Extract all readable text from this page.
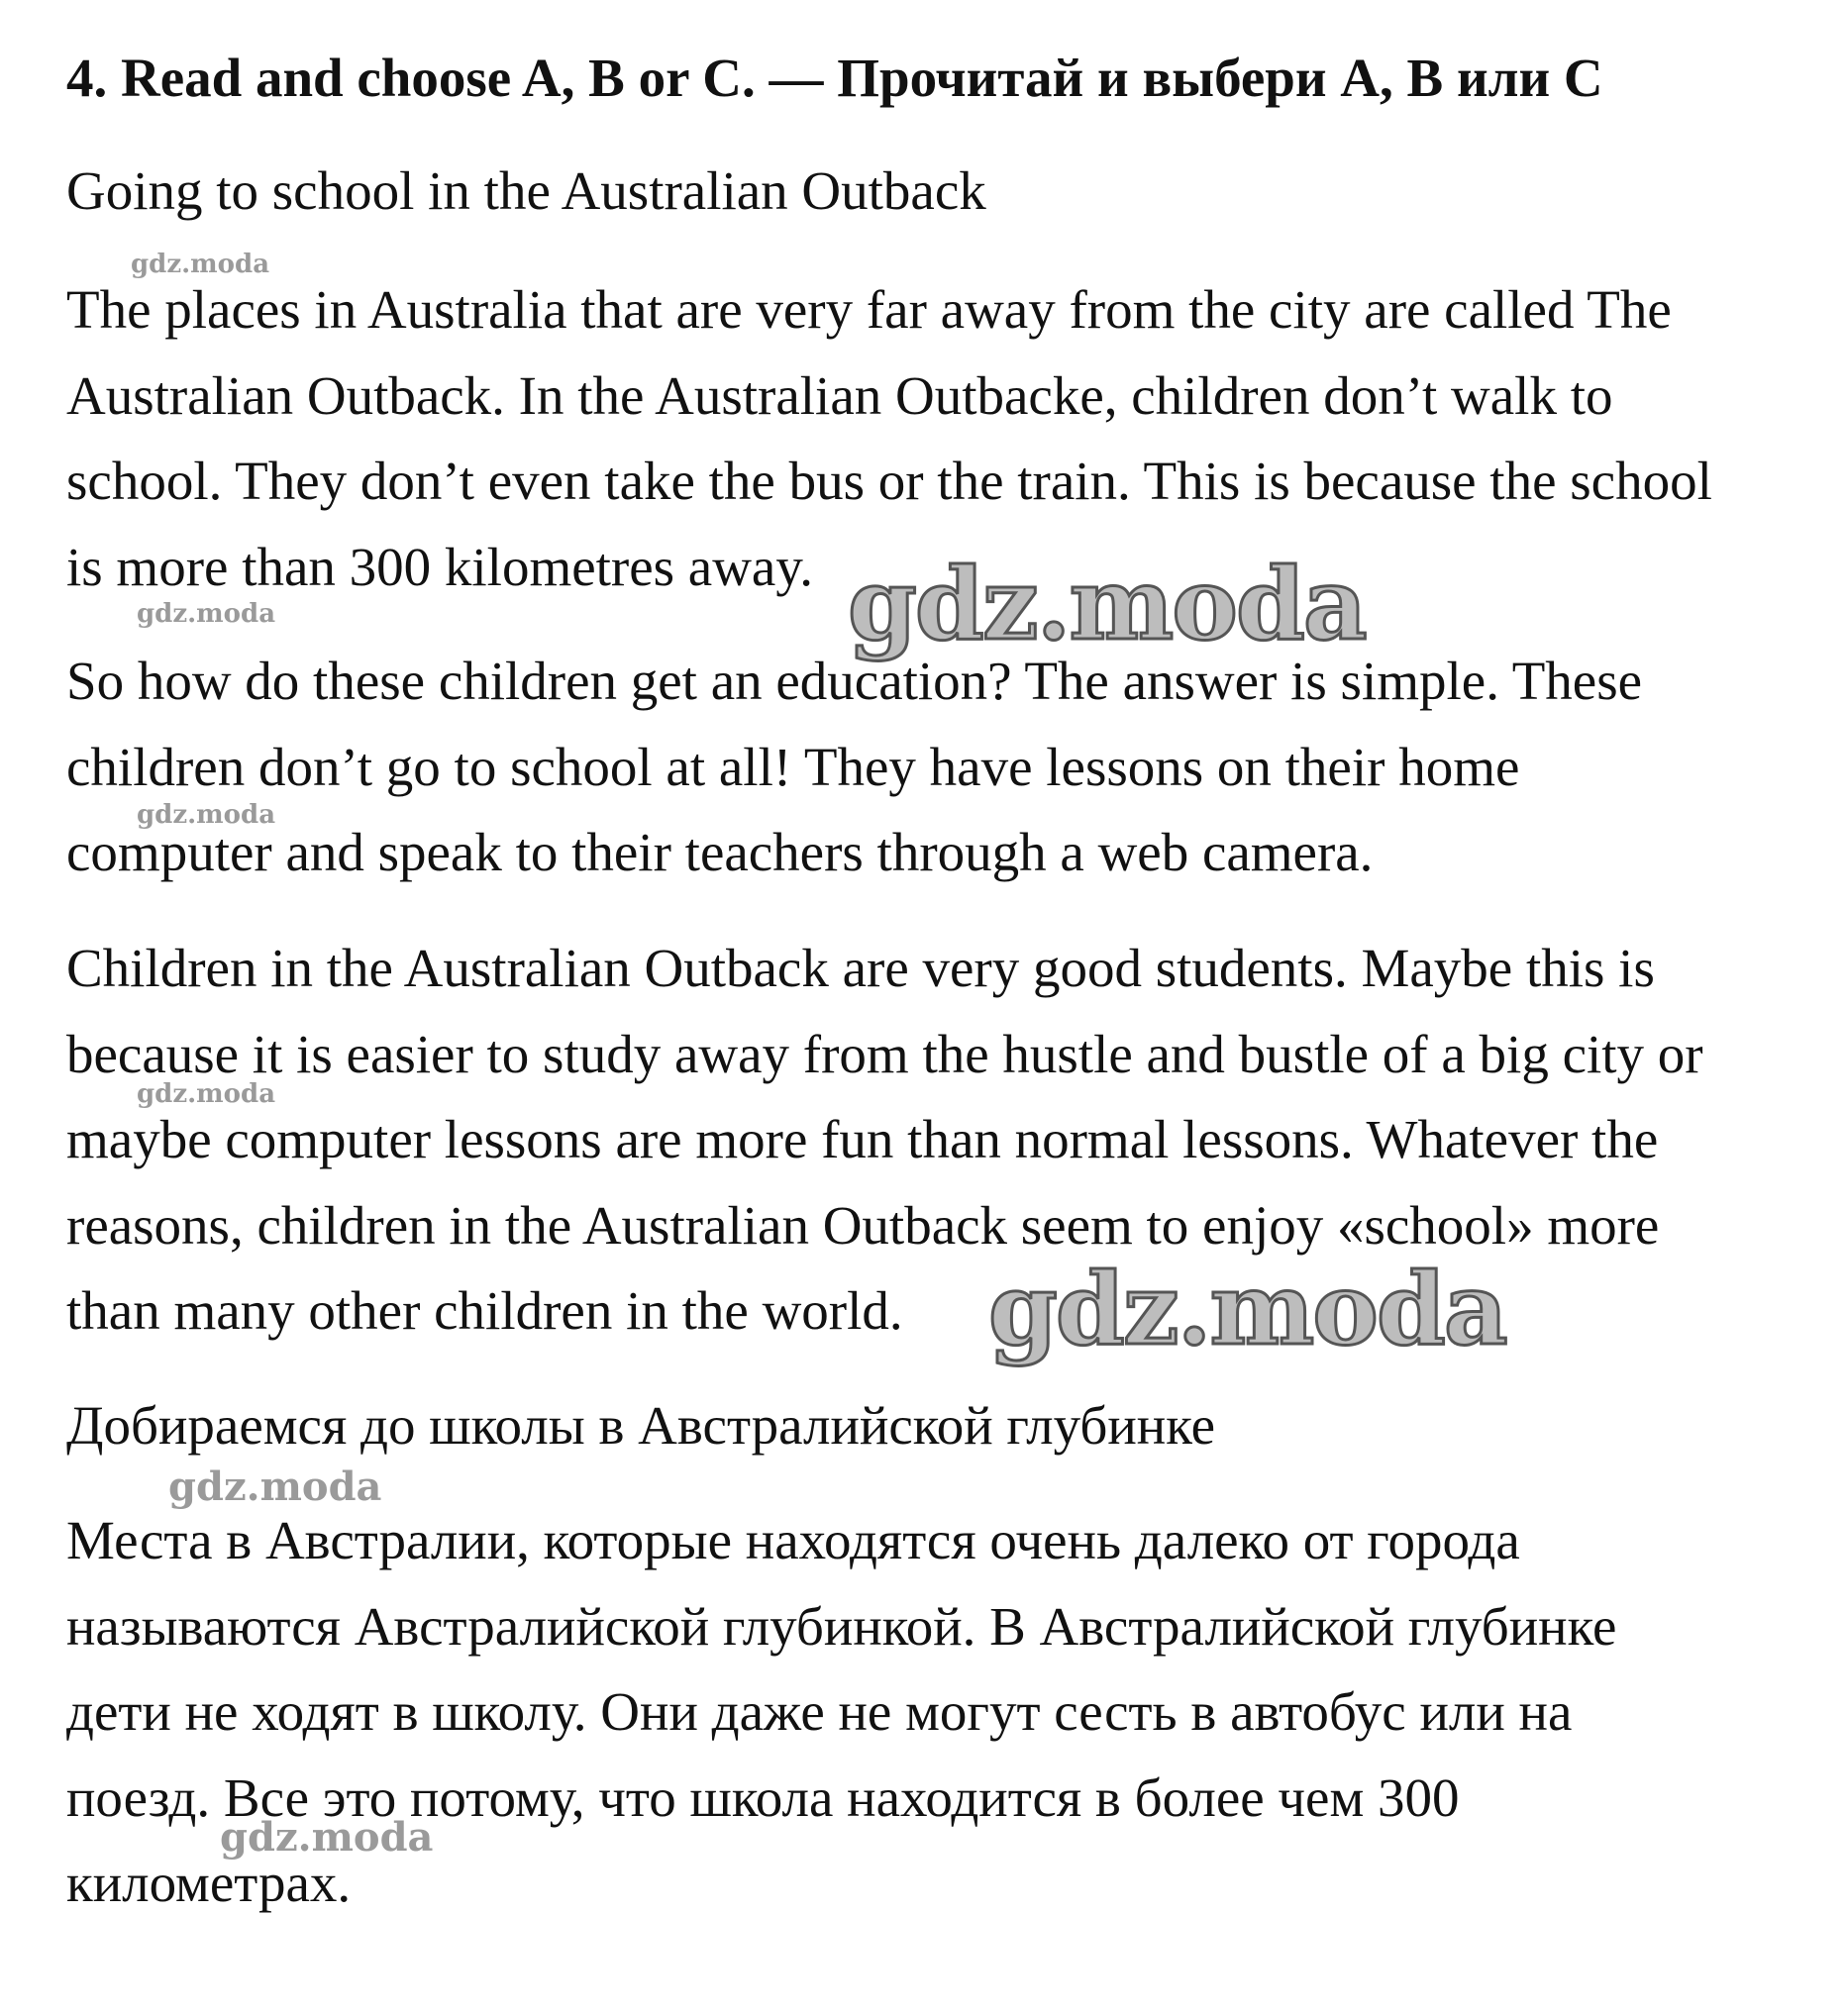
4. Read and choose A, B or C. — Прочитай и выбери A, B или C
Going to school in the Australian Outback

The places in Australia that are very far away from the city are called The
Australian Outback. In the Australian Outbacke, children don’t walk to
school. They don’t even take the bus or the train. This is because the school
is more than 300 kilometres away.

So how do these children get an education? The answer is simple. These
children don’t go to school at all! They have lessons on their home
computer and speak to their teachers through a web camera.

Children in the Australian Outback are very good students. Maybe this is
because it is easier to study away from the hustle and bustle of a big city or
maybe computer lessons are more fun than normal lessons. Whatever the
reasons, children in the Australian Outback seem to enjoy «school» more
than many other children in the world.

Добираемся до школы в Австралийской глубинке

Места в Австралии, которые находятся очень далеко от города
называются Австралийской глубинкой. В Австралийской глубинке
дети не ходят в школу. Они даже не могут сесть в автобус или на
поезд. Все это потому, что школа находится в более чем 300
километрах.

gdz.moda
gdz.moda
gdz.moda
gdz.moda
gdz.moda
gdz.moda
gdz.moda
gdz.moda
